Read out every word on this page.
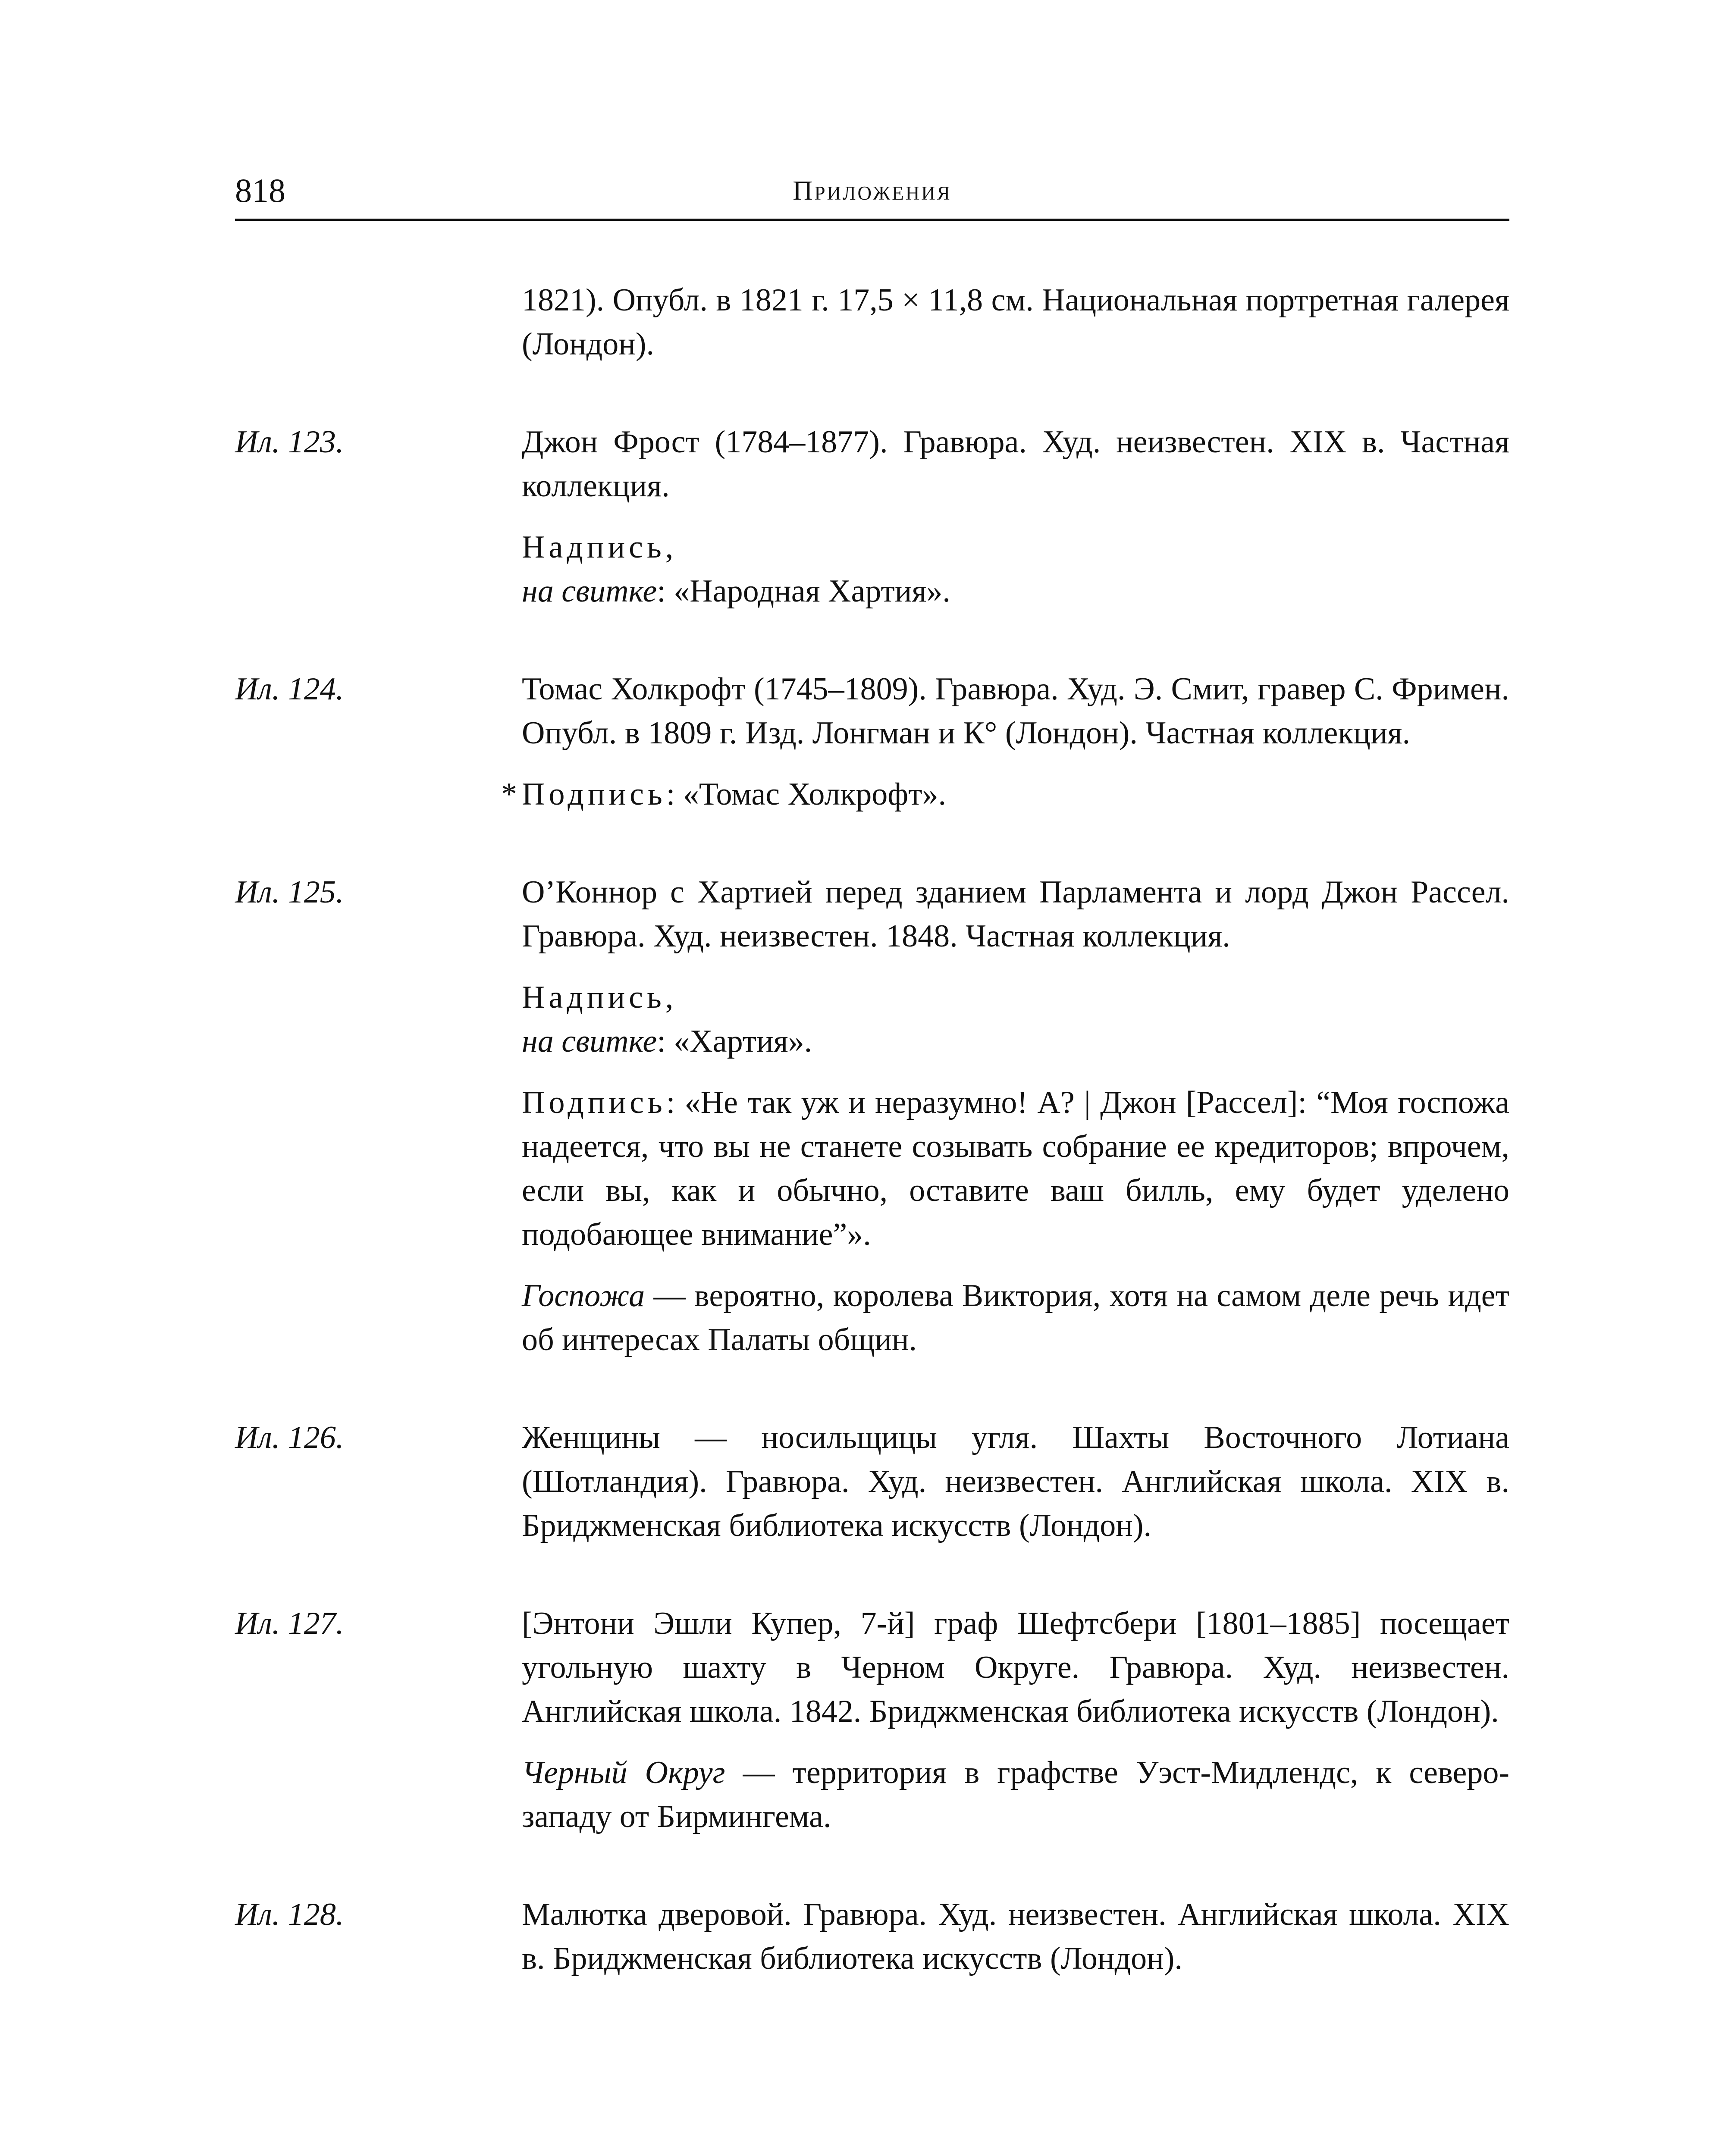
818	Приложения

1821). Опубл. в 1821 г. 17,5 × 11,8 см. Национальная портретная галерея (Лондон).

Ил. 123.	Джон Фрост (1784–1877). Гравюра. Худ. неизвестен. XIX в. Частная коллекция.

Надпись,
на свитке: «Народная Хартия».

Ил. 124.	Томас Холкрофт (1745–1809). Гравюра. Худ. Э. Смит, гравер С. Фримен. Опубл. в 1809 г. Изд. Лонгман и К° (Лондон). Частная коллекция.

* Подпись: «Томас Холкрофт».

Ил. 125.	О’Коннор с Хартией перед зданием Парламента и лорд Джон Рассел. Гравюра. Худ. неизвестен. 1848. Частная коллекция.

Надпись,
на свитке: «Хартия».

Подпись: «Не так уж и неразумно! А? | Джон [Рассел]: “Моя госпожа надеется, что вы не станете созывать собрание ее кредиторов; впрочем, если вы, как и обычно, оставите ваш билль, ему будет уделено подобающее внимание”».

Госпожа — вероятно, королева Виктория, хотя на самом деле речь идет об интересах Палаты общин.

Ил. 126.	Женщины — носильщицы угля. Шахты Восточного Лотиана (Шотландия). Гравюра. Худ. неизвестен. Английская школа. XIX в. Бриджменская библиотека искусств (Лондон).

Ил. 127.	[Энтони Эшли Купер, 7-й] граф Шефтсбери [1801–1885] посещает угольную шахту в Черном Округе. Гравюра. Худ. неизвестен. Английская школа. 1842. Бриджменская библиотека искусств (Лондон).

Черный Округ — территория в графстве Уэст-Мидлендс, к северо-западу от Бирмингема.

Ил. 128.	Малютка дверовой. Гравюра. Худ. неизвестен. Английская школа. XIX в. Бриджменская библиотека искусств (Лондон).
